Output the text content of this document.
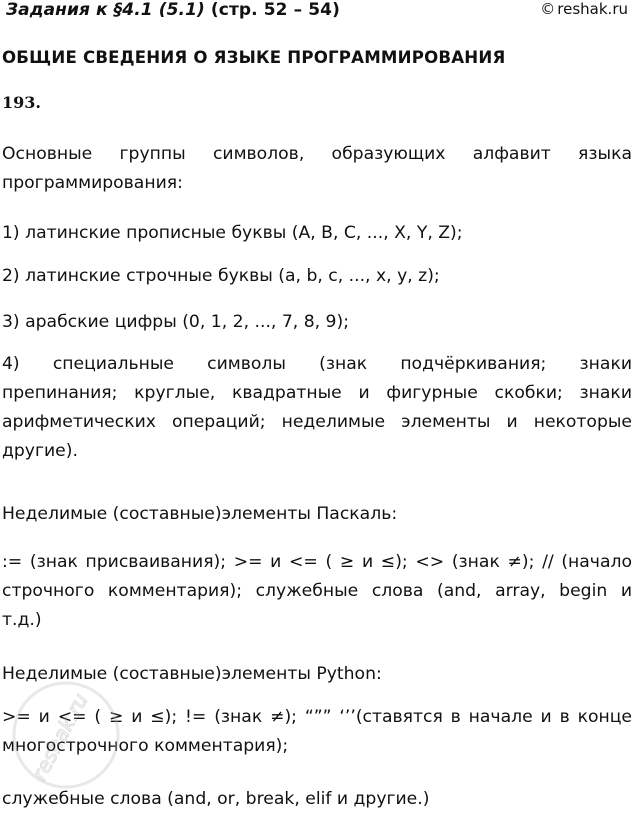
Задания к §4.1 (5.1) (стр. 52 – 54)	© reshak.ru
ОБЩИЕ СВЕДЕНИЯ О ЯЗЫКЕ ПРОГРАММИРОВАНИЯ
193.
Основные группы символов, образующих алфавит языка
программирования:
1) латинские прописные буквы (A, B, C, ..., X, Y, Z);
2) латинские строчные буквы (a, b, c, ..., x, y, z);
3) арабские цифры (0, 1, 2, ..., 7, 8, 9);
4) специальные символы (знак подчёркивания; знаки
препинания; круглые, квадратные и фигурные скобки; знаки
арифметических операций; неделимые элементы и некоторые
другие).
Неделимые (составные)элементы Паскаль:
:= (знак присваивания); >= и <= ( ≥ и ≤); <> (знак ≠); // (начало
строчного комментария); служебные слова (and, array, begin и
т.д.)
Неделимые (составные)элементы Python:
>= и <= ( ≥ и ≤); != (знак ≠); “”” ‘’’(ставятся в начале и в конце
многострочного комментария);
служебные слова (and, or, break, elif и другие.)
reshak.ru
